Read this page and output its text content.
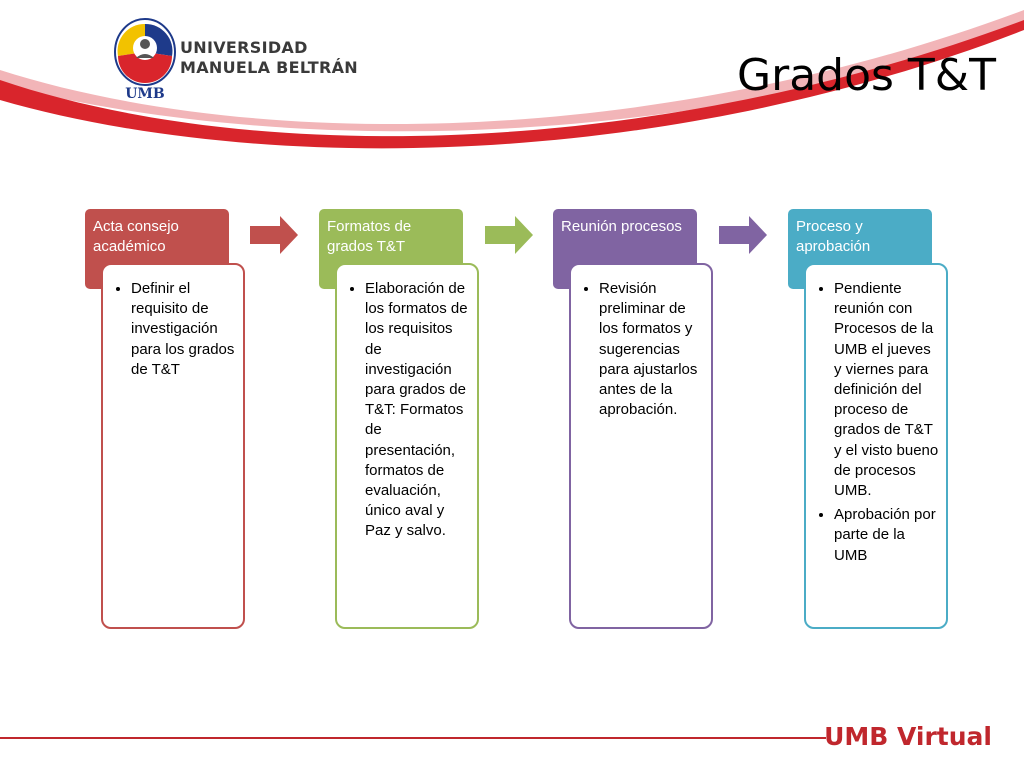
UMB
UNIVERSIDAD
MANUELA BELTRÁN	Grados T&T
Acta consejo académico
• Definir el requisito de investigación para los grados de T&T
Formatos de grados T&T
• Elaboración de los formatos de los requisitos de investigación para grados de T&T: Formatos de presentación, formatos de evaluación, único aval y Paz y salvo.
Reunión procesos
• Revisión preliminar de los formatos y sugerencias para ajustarlos antes de la aprobación.
Proceso y aprobación
• Pendiente reunión con Procesos de la UMB el jueves y viernes para definición del proceso de grados de T&T y el visto bueno de procesos UMB.
• Aprobación por parte de la UMB
UMB Virtual
